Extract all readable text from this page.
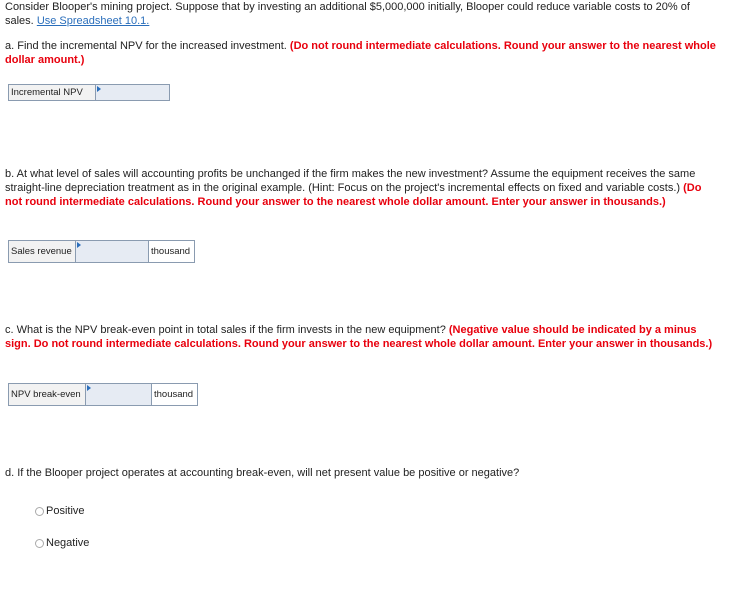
Consider Blooper's mining project. Suppose that by investing an additional $5,000,000 initially, Blooper could reduce variable costs to 20% of sales. Use Spreadsheet 10.1.
a. Find the incremental NPV for the increased investment. (Do not round intermediate calculations. Round your answer to the nearest whole dollar amount.)
Incremental NPV	
b. At what level of sales will accounting profits be unchanged if the firm makes the new investment? Assume the equipment receives the same straight-line depreciation treatment as in the original example. (Hint: Focus on the project's incremental effects on fixed and variable costs.) (Do not round intermediate calculations. Round your answer to the nearest whole dollar amount. Enter your answer in thousands.)
Sales revenue		thousand
c. What is the NPV break-even point in total sales if the firm invests in the new equipment? (Negative value should be indicated by a minus sign. Do not round intermediate calculations. Round your answer to the nearest whole dollar amount. Enter your answer in thousands.)
NPV break-even		thousand
d. If the Blooper project operates at accounting break-even, will net present value be positive or negative?
Positive
Negative
